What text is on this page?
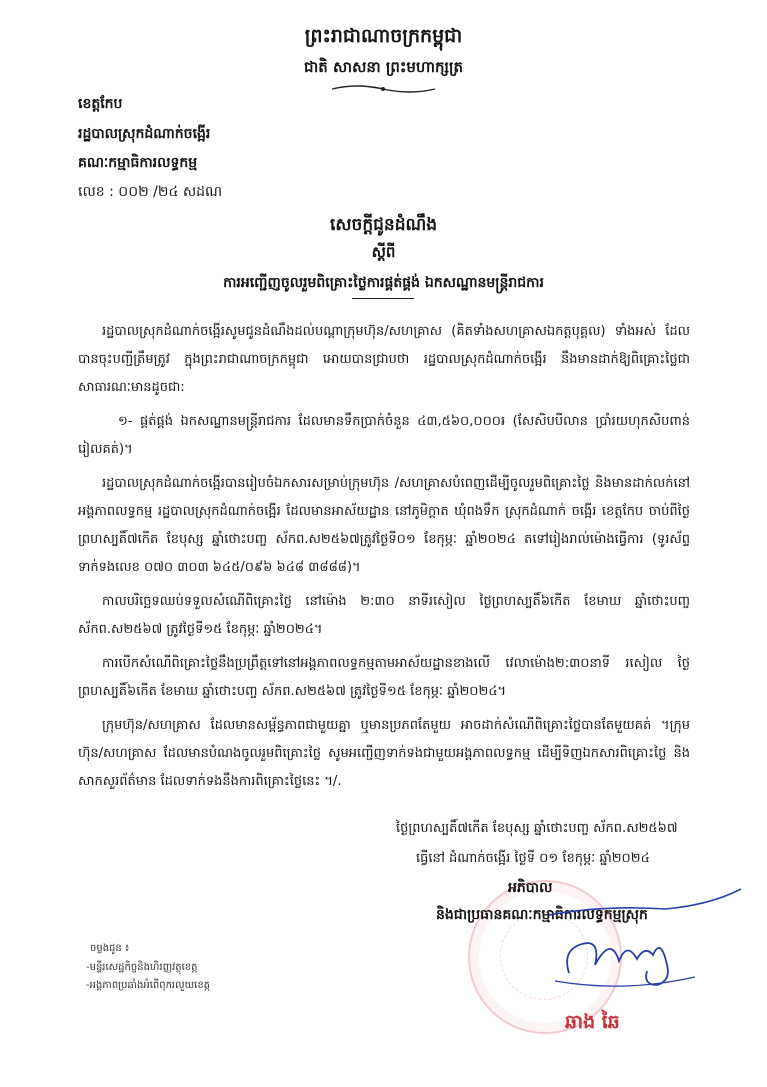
ព្រះរាជាណាចក្រកម្ពុជា
ជាតិ សាសនា ព្រះមហាក្សត្រ
ខេត្តកែប
រដ្ឋបាលស្រុកដំណាក់ចង្អើរ
គណៈកម្មាធិការលទ្ធកម្ម
លេខ : ០០២ /២៤ សដណ
សេចក្តីជូនដំណឹង
ស្តីពី
ការអញ្ជើញចូលរួមពិគ្រោះថ្លៃការផ្គត់ផ្គង់ ឯកសណ្ឋានមន្ត្រីរាជការ

រដ្ឋបាលស្រុកដំណាក់ចង្អើរសូមជូនដំណឹងដល់បណ្តាក្រុមហ៊ុន/សហគ្រាស (គិតទាំងសហគ្រាសឯកត្តបុគ្គល) ទាំងអស់ ដែលបានចុះបញ្ជីត្រឹមត្រូវ ក្នុងព្រះរាជាណាចក្រកម្ពុជា អោយបានជ្រាបថា រដ្ឋបាលស្រុកដំណាក់ចង្អើរ នឹងមានដាក់ឱ្យពិគ្រោះថ្លៃជាសាធារណៈមានដូចជា:

១- ផ្គត់ផ្គង់ ឯកសណ្ឋានមន្ត្រីរាជការ ដែលមានទឹកប្រាក់ចំនួន ៤៣,៥៦០,០០០៛ (សែសិបបីលាន ប្រាំរយហុកសិបពាន់ រៀលគត់)។

រដ្ឋបាលស្រុកដំណាក់ចង្អើរបានរៀបចំឯកសារសម្រាប់ក្រុមហ៊ុន /សហគ្រាសបំពេញដើម្បីចូលរួមពិគ្រោះថ្លៃ និងមានដាក់លក់នៅអង្គភាពលទ្ធកម្ម រដ្ឋបាលស្រុកដំណាក់ចង្អើរ ដែលមានអាស័យដ្ឋាន នៅភូមិក្តាត ឃុំពងទឹក ស្រុកដំណាក់ ចង្អើរ ខេត្តកែប ចាប់ពីថ្ងៃព្រហស្បតិ៍៧កើត ខែបុស្ស ឆ្នាំថោះបញ្ច ស័កព.ស២៥៦៧ត្រូវថ្ងៃទី០១ ខែកុម្ភៈ ឆ្នាំ២០២៤ តទៅរៀងរាល់ម៉ោងធ្វើការ (ទូរស័ព្ទទាក់ទងលេខ ០៧០ ៣០៣ ៦៤៥/០៩៦ ៦៤៨ ៣៨៨៨)។

កាលបរិច្ឆេទឈប់ទទួលសំណើពិគ្រោះថ្លៃ នៅម៉ោង ២:៣០ នាទីរសៀល ថ្ងៃព្រហស្បតិ៍៦កើត ខែមាឃ ឆ្នាំថោះបញ្ច ស័កព.ស២៥៦៧ ត្រូវថ្ងៃទី១៥ ខែកុម្ភៈ ឆ្នាំ២០២៤។

ការបើកសំណើពិគ្រោះថ្លៃនឹងប្រព្រឹត្តទៅនៅអង្គភាពលទ្ធកម្មតាមអាស័យដ្ឋានខាងលើ វេលាម៉ោង២:៣០នាទី រសៀល ថ្ងៃព្រហស្បតិ៍៦កើត ខែមាឃ ឆ្នាំថោះបញ្ច ស័កព.ស២៥៦៧ ត្រូវថ្ងៃទី១៥ ខែកុម្ភៈ ឆ្នាំ២០២៤។

ក្រុមហ៊ុន/សហគ្រាស ដែលមានសម្ព័ន្ធភាពជាមួយគ្នា ឬមានប្រភពតែមួយ អាចដាក់សំណើពិគ្រោះថ្លៃបានតែមួយគត់ ។ក្រុមហ៊ុន/សហគ្រាស ដែលមានបំណងចូលរួមពិគ្រោះថ្លៃ សូមអញ្ជើញទាក់ទងជាមួយអង្គភាពលទ្ធកម្ម ដើម្បីទិញឯកសារពិគ្រោះថ្លៃ និងសាកសួរព័ត៌មាន ដែលទាក់ទងនឹងការពិគ្រោះថ្លៃនេះ ។/.

ថ្ងៃព្រហស្បតិ៍៧កើត ខែបុស្ស ឆ្នាំថោះបញ្ច ស័កព.ស២៥៦៧
ធ្វើនៅ ដំណាក់ចង្អើរ ថ្ងៃទី ០១ ខែកុម្ភៈ ឆ្នាំ២០២៤
អភិបាល
និងជាប្រធានគណៈកម្មាធិការលទ្ធកម្មស្រុក
ឆាង ឆៃ
ចម្លងជូន ៖
-មន្ទីរសេដ្ឋកិច្ចនិងហិរញ្ញវត្ថុខេត្ត
-អង្គភាពប្រឆាំងអំពើពុករលួយខេត្ត
